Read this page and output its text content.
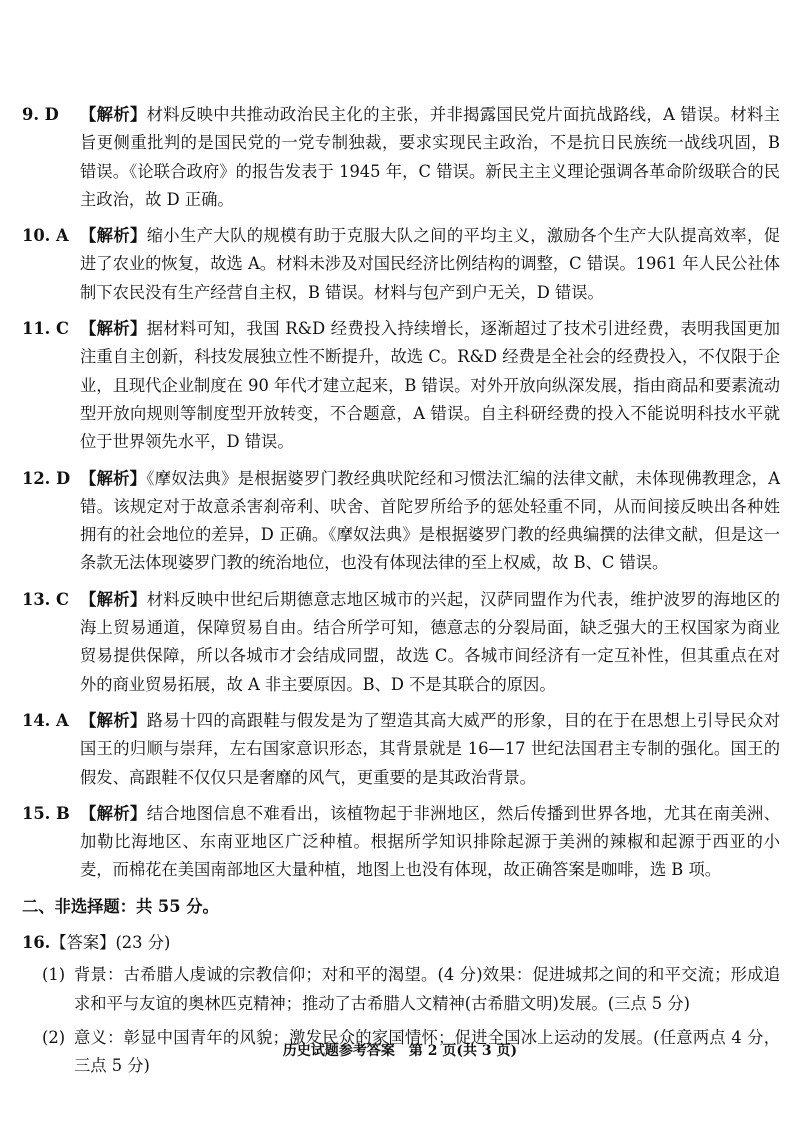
9. D 【解析】材料反映中共推动政治民主化的主张，并非揭露国民党片面抗战路线，A 错误。材料主旨更侧重批判的是国民党的一党专制独裁，要求实现民主政治，不是抗日民族统一战线巩固，B 错误。《论联合政府》的报告发表于 1945 年，C 错误。新民主主义理论强调各革命阶级联合的民主政治，故 D 正确。
10. A 【解析】缩小生产大队的规模有助于克服大队之间的平均主义，激励各个生产大队提高效率，促进了农业的恢复，故选 A。材料未涉及对国民经济比例结构的调整，C 错误。1961 年人民公社体制下农民没有生产经营自主权，B 错误。材料与包产到户无关，D 错误。
11. C 【解析】据材料可知，我国 R&D 经费投入持续增长，逐渐超过了技术引进经费，表明我国更加注重自主创新，科技发展独立性不断提升，故选 C。R&D 经费是全社会的经费投入，不仅限于企业，且现代企业制度在 90 年代才建立起来，B 错误。对外开放向纵深发展，指由商品和要素流动型开放向规则等制度型开放转变，不合题意，A 错误。自主科研经费的投入不能说明科技水平就位于世界领先水平，D 错误。
12. D 【解析】《摩奴法典》是根据婆罗门教经典吠陀经和习惯法汇编的法律文献，未体现佛教理念，A 错。该规定对于故意杀害刹帝利、吠舍、首陀罗所给予的惩处轻重不同，从而间接反映出各种姓拥有的社会地位的差异，D 正确。《摩奴法典》是根据婆罗门教的经典编撰的法律文献，但是这一条款无法体现婆罗门教的统治地位，也没有体现法律的至上权威，故 B、C 错误。
13. C 【解析】材料反映中世纪后期德意志地区城市的兴起，汉萨同盟作为代表，维护波罗的海地区的海上贸易通道，保障贸易自由。结合所学可知，德意志的分裂局面，缺乏强大的王权国家为商业贸易提供保障，所以各城市才会结成同盟，故选 C。各城市间经济有一定互补性，但其重点在对外的商业贸易拓展，故 A 非主要原因。B、D 不是其联合的原因。
14. A 【解析】路易十四的高跟鞋与假发是为了塑造其高大威严的形象，目的在于在思想上引导民众对国王的归顺与崇拜，左右国家意识形态，其背景就是 16—17 世纪法国君主专制的强化。国王的假发、高跟鞋不仅仅只是奢靡的风气，更重要的是其政治背景。
15. B 【解析】结合地图信息不难看出，该植物起于非洲地区，然后传播到世界各地，尤其在南美洲、加勒比海地区、东南亚地区广泛种植。根据所学知识排除起源于美洲的辣椒和起源于西亚的小麦，而棉花在美国南部地区大量种植，地图上也没有体现，故正确答案是咖啡，选 B 项。
二、非选择题：共 55 分。
16.【答案】(23 分)
(1) 背景：古希腊人虔诚的宗教信仰；对和平的渴望。(4 分)效果：促进城邦之间的和平交流；形成追求和平与友谊的奥林匹克精神；推动了古希腊人文精神(古希腊文明)发展。(三点 5 分)
(2) 意义：彰显中国青年的风貌；激发民众的家国情怀；促进全国冰上运动的发展。(任意两点 4 分，三点 5 分)
历史试题参考答案　第 2 页(共 3 页)
